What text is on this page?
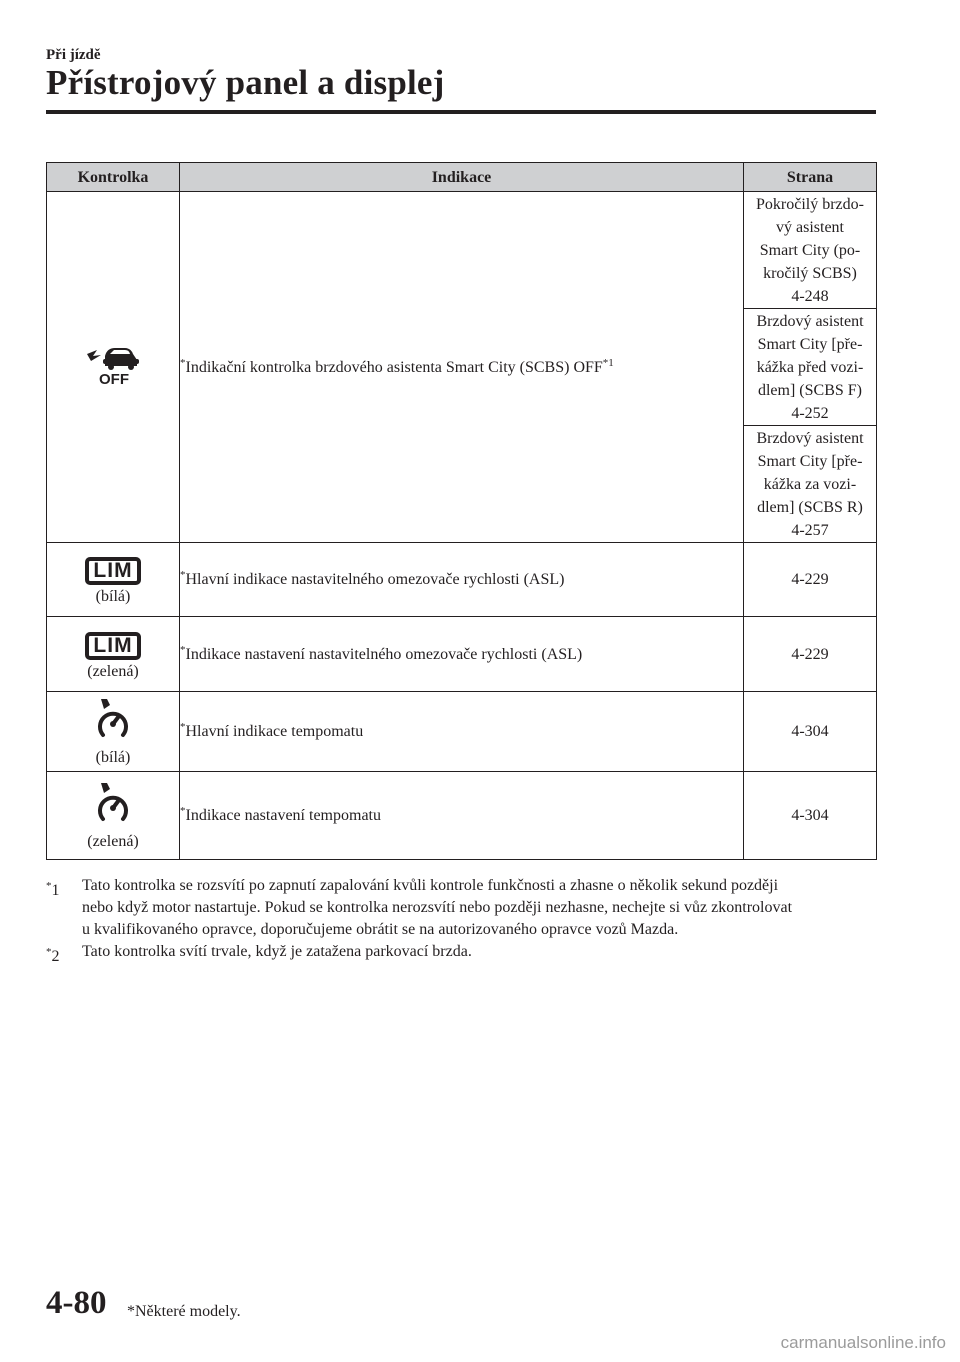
Při jízdě
Přístrojový panel a displej
Kontrolka	Indikace	Strana

OFF	*Indikační kontrolka brzdového asistenta Smart City (SCBS) OFF$^{*1}$	Pokročilý brzdo-
vý asistent
Smart City (po-
kročilý SCBS)
4-248

		Brzdový asistent
Smart City [pře-
kážka před vozi-
dlem] (SCBS F)
4-252

		Brzdový asistent
Smart City [pře-
kážka za vozi-
dlem] (SCBS R)
4-257

LIM
(bílá)	*Hlavní indikace nastavitelného omezovače rychlosti (ASL)	4-229
LIM
(zelená)	*Indikace nastavení nastavitelného omezovače rychlosti (ASL)	4-229

(bílá)	*Hlavní indikace tempomatu	4-304

(zelená)	*Indikace nastavení tempomatu	4-304
*1	Tato kontrolka se rozsvítí po zapnutí zapalování kvůli kontrole funkčnosti a zhasne o několik sekund později
nebo když motor nastartuje. Pokud se kontrolka nerozsvítí nebo později nezhasne, nechejte si vůz zkontrolovat
u kvalifikovaného opravce, doporučujeme obrátit se na autorizovaného opravce vozů Mazda.
*2	Tato kontrolka svítí trvale, když je zatažena parkovací brzda.
4-80 *Některé modely.
carmanualsonline.info
